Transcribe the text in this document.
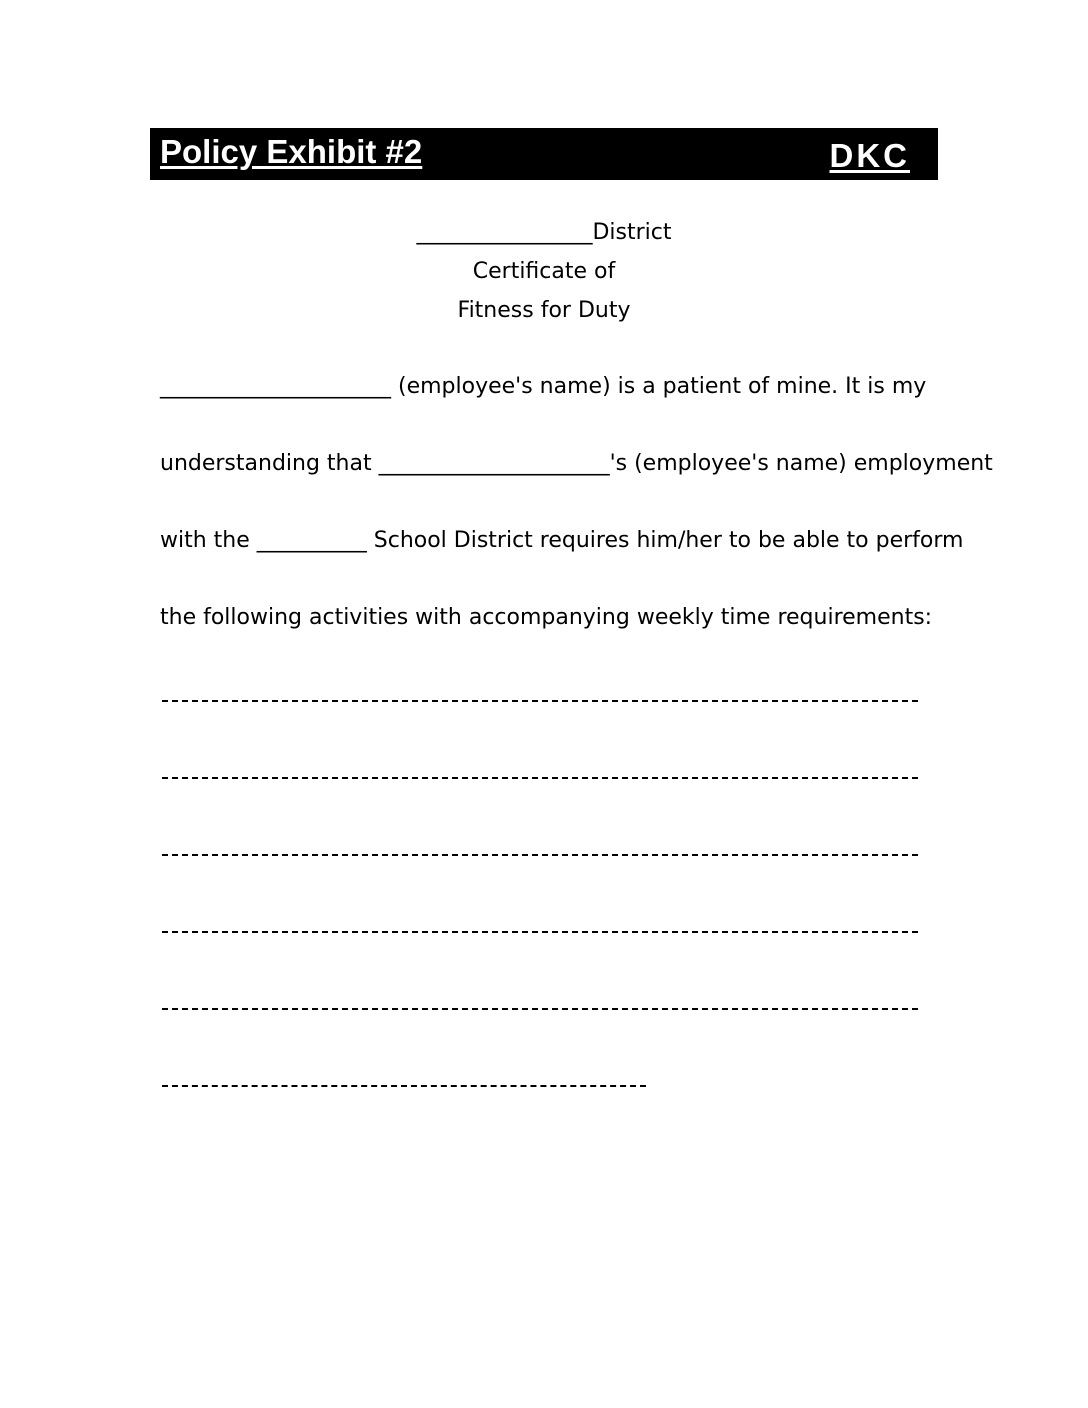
Policy Exhibit #2	DKC
________________District
Certificate of
Fitness for Duty
_____________________ (employee's name) is a patient of mine. It is my
understanding that _____________________'s (employee's name) employment
with the __________ School District requires him/her to be able to perform
the following activities with accompanying weekly time requirements:
